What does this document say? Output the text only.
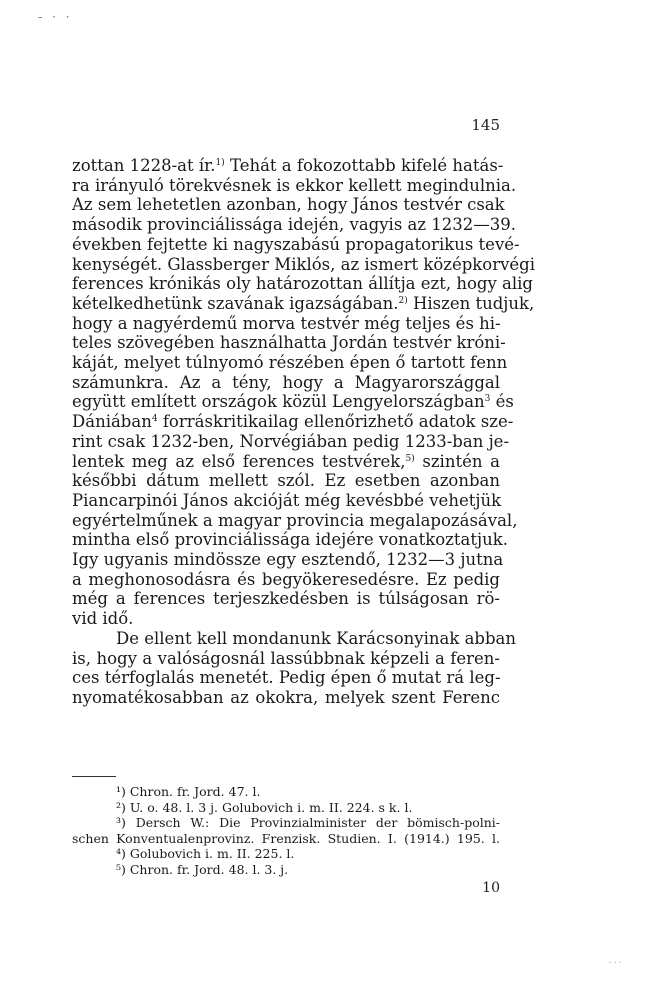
- · ·
145

zottan 1228-at ír.$^{1)}$ Tehát a fokozottabb kifelé hatás-
ra irányuló törekvésnek is ekkor kellett megindulnia.
Az sem lehetetlen azonban, hogy János testvér csak
második provinciálissága idején, vagyis az 1232—39.
években fejtette ki nagyszabású propagatorikus tevé-
kenységét. Glassberger Miklós, az ismert középkorvégi
ferences krónikás oly határozottan állítja ezt, hogy alig
kételkedhetünk szavának igazságában.$^{2)}$ Hiszen tudjuk,
hogy a nagyérdemű morva testvér még teljes és hi-
teles szövegében használhatta Jordán testvér króni-
káját, melyet túlnyomó részében épen ő tartott fenn
számunkra. Az a tény, hogy a Magyarországgal
együtt említett országok közül Lengyelországban$^3$ és
Dániában$^4$ forráskritikailag ellenőrizhető adatok sze-
rint csak 1232-ben, Norvégiában pedig 1233-ban je-
lentek meg az első ferences testvérek,$^{5)}$ szintén a
későbbi dátum mellett szól. Ez esetben azonban
Piancarpinói János akcióját még kevésbbé vehetjük
egyértelműnek a magyar provincia megalapozásával,
mintha első provinciálissága idejére vonatkoztatjuk.
Igy ugyanis mindössze egy esztendő, 1232—3 jutna
a meghonosodásra és begyökeresedésre. Ez pedig
még a ferences terjeszkedésben is túlságosan rö-
vid idő.

De ellent kell mondanunk Karácsonyinak abban
is, hogy a valóságosnál lassúbbnak képzeli a feren-
ces térfoglalás menetét. Pedig épen ő mutat rá leg-
nyomatékosabban az okokra, melyek szent Ferenc

¹) Chron. fr. Jord. 47. l.
²) U. o. 48. l. 3 j. Golubovich i. m. II. 224. s k. l.
³) Dersch W.: Die Provinzialminister der bömisch-polni-
schen Konventualenprovinz. Frenzisk. Studien. I. (1914.) 195. l.
⁴) Golubovich i. m. II. 225. l.
⁵) Chron. fr. Jord. 48. l. 3. j.
10
...
